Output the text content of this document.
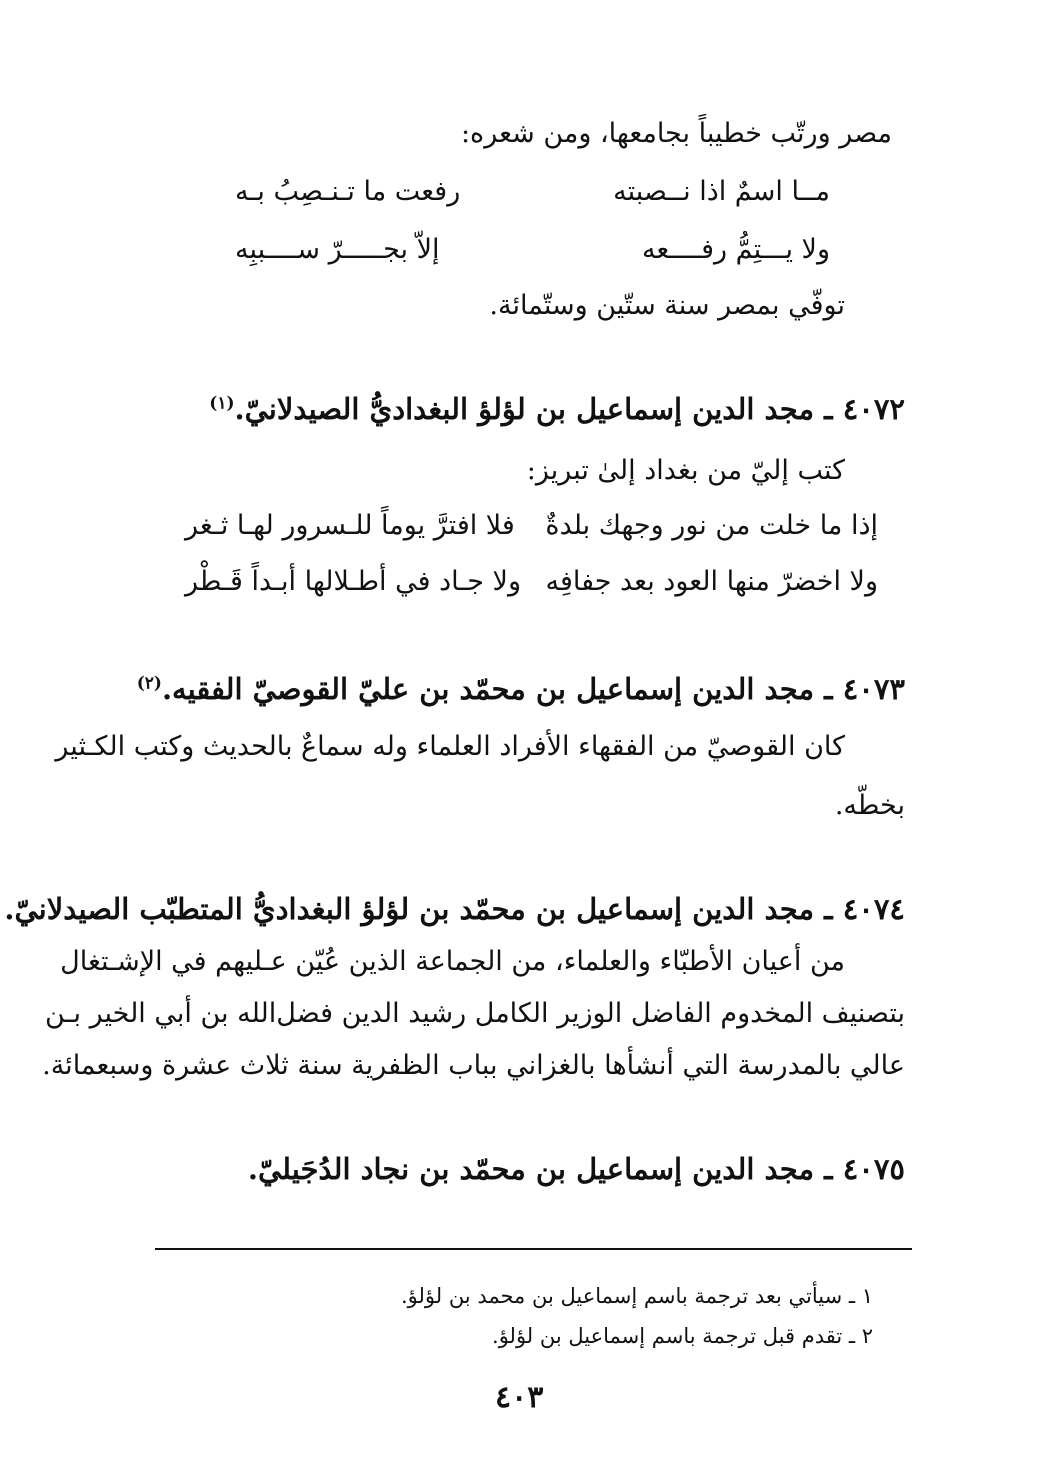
مصر ورتّب خطيباً بجامعها، ومن شعره:
مــا اسمٌ اذا نــصبته
رفعت ما تـنـصِبُ بـه
ولا يـــتِمُّ رفــــعه
إلاّ بجـــــرّ ســــببِه
توفّي بمصر سنة ستّين وستّمائة.
٤٠٧٢ ـ مجد الدين إسماعيل بن لؤلؤ البغداديُّ الصيدلانيّ.$^{(١)}$
كتب إليّ من بغداد إلىٰ تبريز:
إذا ما خلت من نور وجهك بلدةٌ
فلا افترَّ يوماً للـسرور لهـا ثـغر
ولا اخضرّ منها العود بعد جفافِه
ولا جـاد في أطـلالها أبـداً قَـطْر
٤٠٧٣ ـ مجد الدين إسماعيل بن محمّد بن عليّ القوصيّ الفقيه.$^{(٢)}$
كان القوصيّ من الفقهاء الأفراد العلماء وله سماعٌ بالحديث وكتب الكـثير
بخطّه.
٤٠٧٤ ـ مجد الدين إسماعيل بن محمّد بن لؤلؤ البغداديُّ المتطبّب الصيدلانيّ.
من أعيان الأطبّاء والعلماء، من الجماعة الذين عُيّن عـليهم في الإشـتغال
بتصنيف المخدوم الفاضل الوزير الكامل رشيد الدين فضل‌الله بن أبي الخير بـن
عالي بالمدرسة التي أنشأها بالغزاني بباب الظفرية سنة ثلاث عشرة وسبعمائة.
٤٠٧٥ ـ مجد الدين إسماعيل بن محمّد بن نجاد الدُجَيليّ.
١ ـ سيأتي بعد ترجمة باسم إسماعيل بن محمد بن لؤلؤ.
٢ ـ تقدم قبل ترجمة باسم إسماعيل بن لؤلؤ.
٤٠٣
